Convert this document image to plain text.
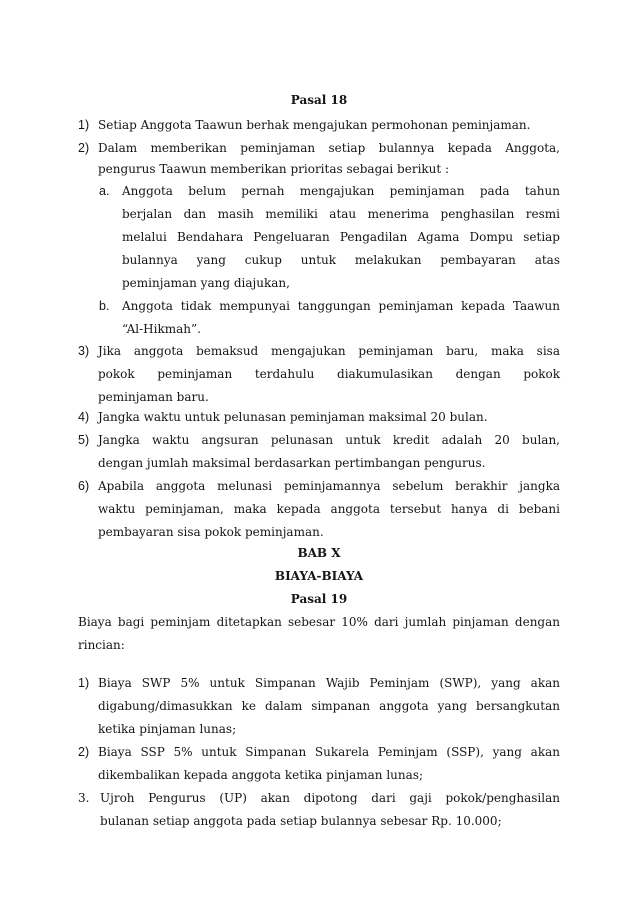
Pasal 18
1) Setiap Anggota Taawun berhak mengajukan permohonan peminjaman.
2) Dalam memberikan peminjaman setiap bulannya kepada Anggota,
pengurus Taawun memberikan prioritas sebagai berikut :
a. Anggota belum pernah mengajukan peminjaman pada tahun
berjalan dan masih memiliki atau menerima penghasilan resmi
melalui Bendahara Pengeluaran Pengadilan Agama Dompu setiap
bulannya yang cukup untuk melakukan pembayaran atas
peminjaman yang diajukan,
b. Anggota tidak mempunyai tanggungan peminjaman kepada Taawun
“Al-Hikmah”.
3) Jika anggota bemaksud mengajukan peminjaman baru, maka sisa
pokok peminjaman terdahulu diakumulasikan dengan pokok
peminjaman baru.
4) Jangka waktu untuk pelunasan peminjaman maksimal 20 bulan.
5) Jangka waktu angsuran pelunasan untuk kredit adalah 20 bulan,
dengan jumlah maksimal berdasarkan pertimbangan pengurus.
6) Apabila anggota melunasi peminjamannya sebelum berakhir jangka
waktu peminjaman, maka kepada anggota tersebut hanya di bebani
pembayaran sisa pokok peminjaman.
BAB X
BIAYA-BIAYA
Pasal 19
Biaya bagi peminjam ditetapkan sebesar 10% dari jumlah pinjaman dengan
rincian:
1) Biaya SWP 5% untuk Simpanan Wajib Peminjam (SWP), yang akan
digabung/dimasukkan ke dalam simpanan anggota yang bersangkutan
ketika pinjaman lunas;
2) Biaya SSP 5% untuk Simpanan Sukarela Peminjam (SSP), yang akan
dikembalikan kepada anggota ketika pinjaman lunas;
3. Ujroh Pengurus (UP) akan dipotong dari gaji pokok/penghasilan
bulanan setiap anggota pada setiap bulannya sebesar Rp. 10.000;
